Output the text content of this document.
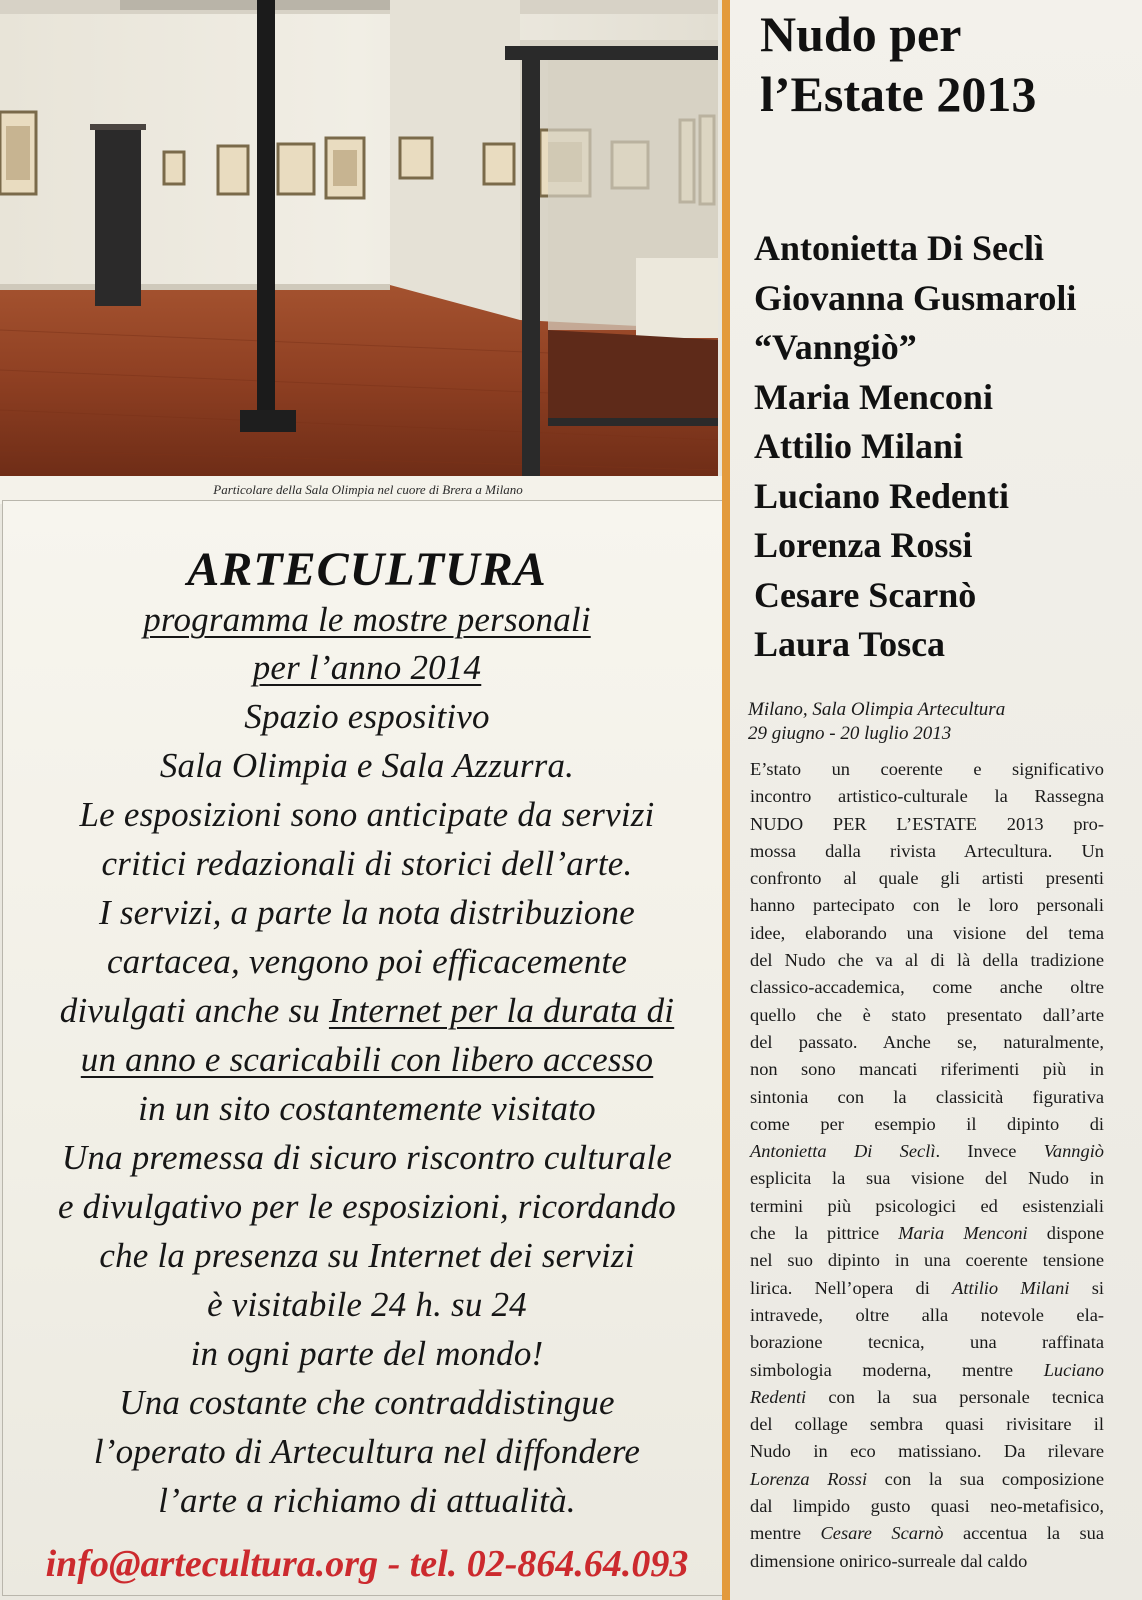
Particolare della Sala Olimpia nel cuore di Brera a Milano
ARTECULTURA
programma le mostre personali
per l’anno 2014
Spazio espositivo
Sala Olimpia e Sala Azzurra.
Le esposizioni sono anticipate da servizi
critici redazionali di storici dell’arte.
I servizi, a parte la nota distribuzione
cartacea, vengono poi efficacemente
divulgati anche su Internet per la durata di
un anno e scaricabili con libero accesso
in un sito costantemente visitato
Una premessa di sicuro riscontro culturale
e divulgativo per le esposizioni, ricordando
che la presenza su Internet dei servizi
è visitabile 24 h. su 24
in ogni parte del mondo!
Una costante che contraddistingue
l’operato di Artecultura nel diffondere
l’arte a richiamo di attualità.
info@artecultura.org - tel. 02-864.64.093
Nudo per
l’Estate 2013
Antonietta Di Seclì
Giovanna Gusmaroli
“Vanngiò”
Maria Menconi
Attilio Milani
Luciano Redenti
Lorenza Rossi
Cesare Scarnò
Laura Tosca
Milano, Sala Olimpia Artecultura
29 giugno - 20 luglio 2013
E’stato un coerente e significativo
incontro artistico-culturale la Rassegna
NUDO PER L’ESTATE 2013 pro-
mossa dalla rivista Artecultura. Un
confronto al quale gli artisti presenti
hanno partecipato con le loro personali
idee, elaborando una visione del tema
del Nudo che va al di là della tradizione
classico-accademica, come anche oltre
quello che è stato presentato dall’arte
del passato. Anche se, naturalmente,
non sono mancati riferimenti più in
sintonia con la classicità figurativa
come per esempio il dipinto di
Antonietta Di Seclì. Invece Vanngiò
esplicita la sua visione del Nudo in
termini più psicologici ed esistenziali
che la pittrice Maria Menconi dispone
nel suo dipinto in una coerente tensione
lirica. Nell’opera di Attilio Milani si
intravede, oltre alla notevole ela-
borazione tecnica, una raffinata
simbologia moderna, mentre Luciano
Redenti con la sua personale tecnica
del collage sembra quasi rivisitare il
Nudo in eco matissiano. Da rilevare
Lorenza Rossi con la sua composizione
dal limpido gusto quasi neo-metafisico,
mentre Cesare Scarnò accentua la sua
dimensione onirico-surreale dal caldo
